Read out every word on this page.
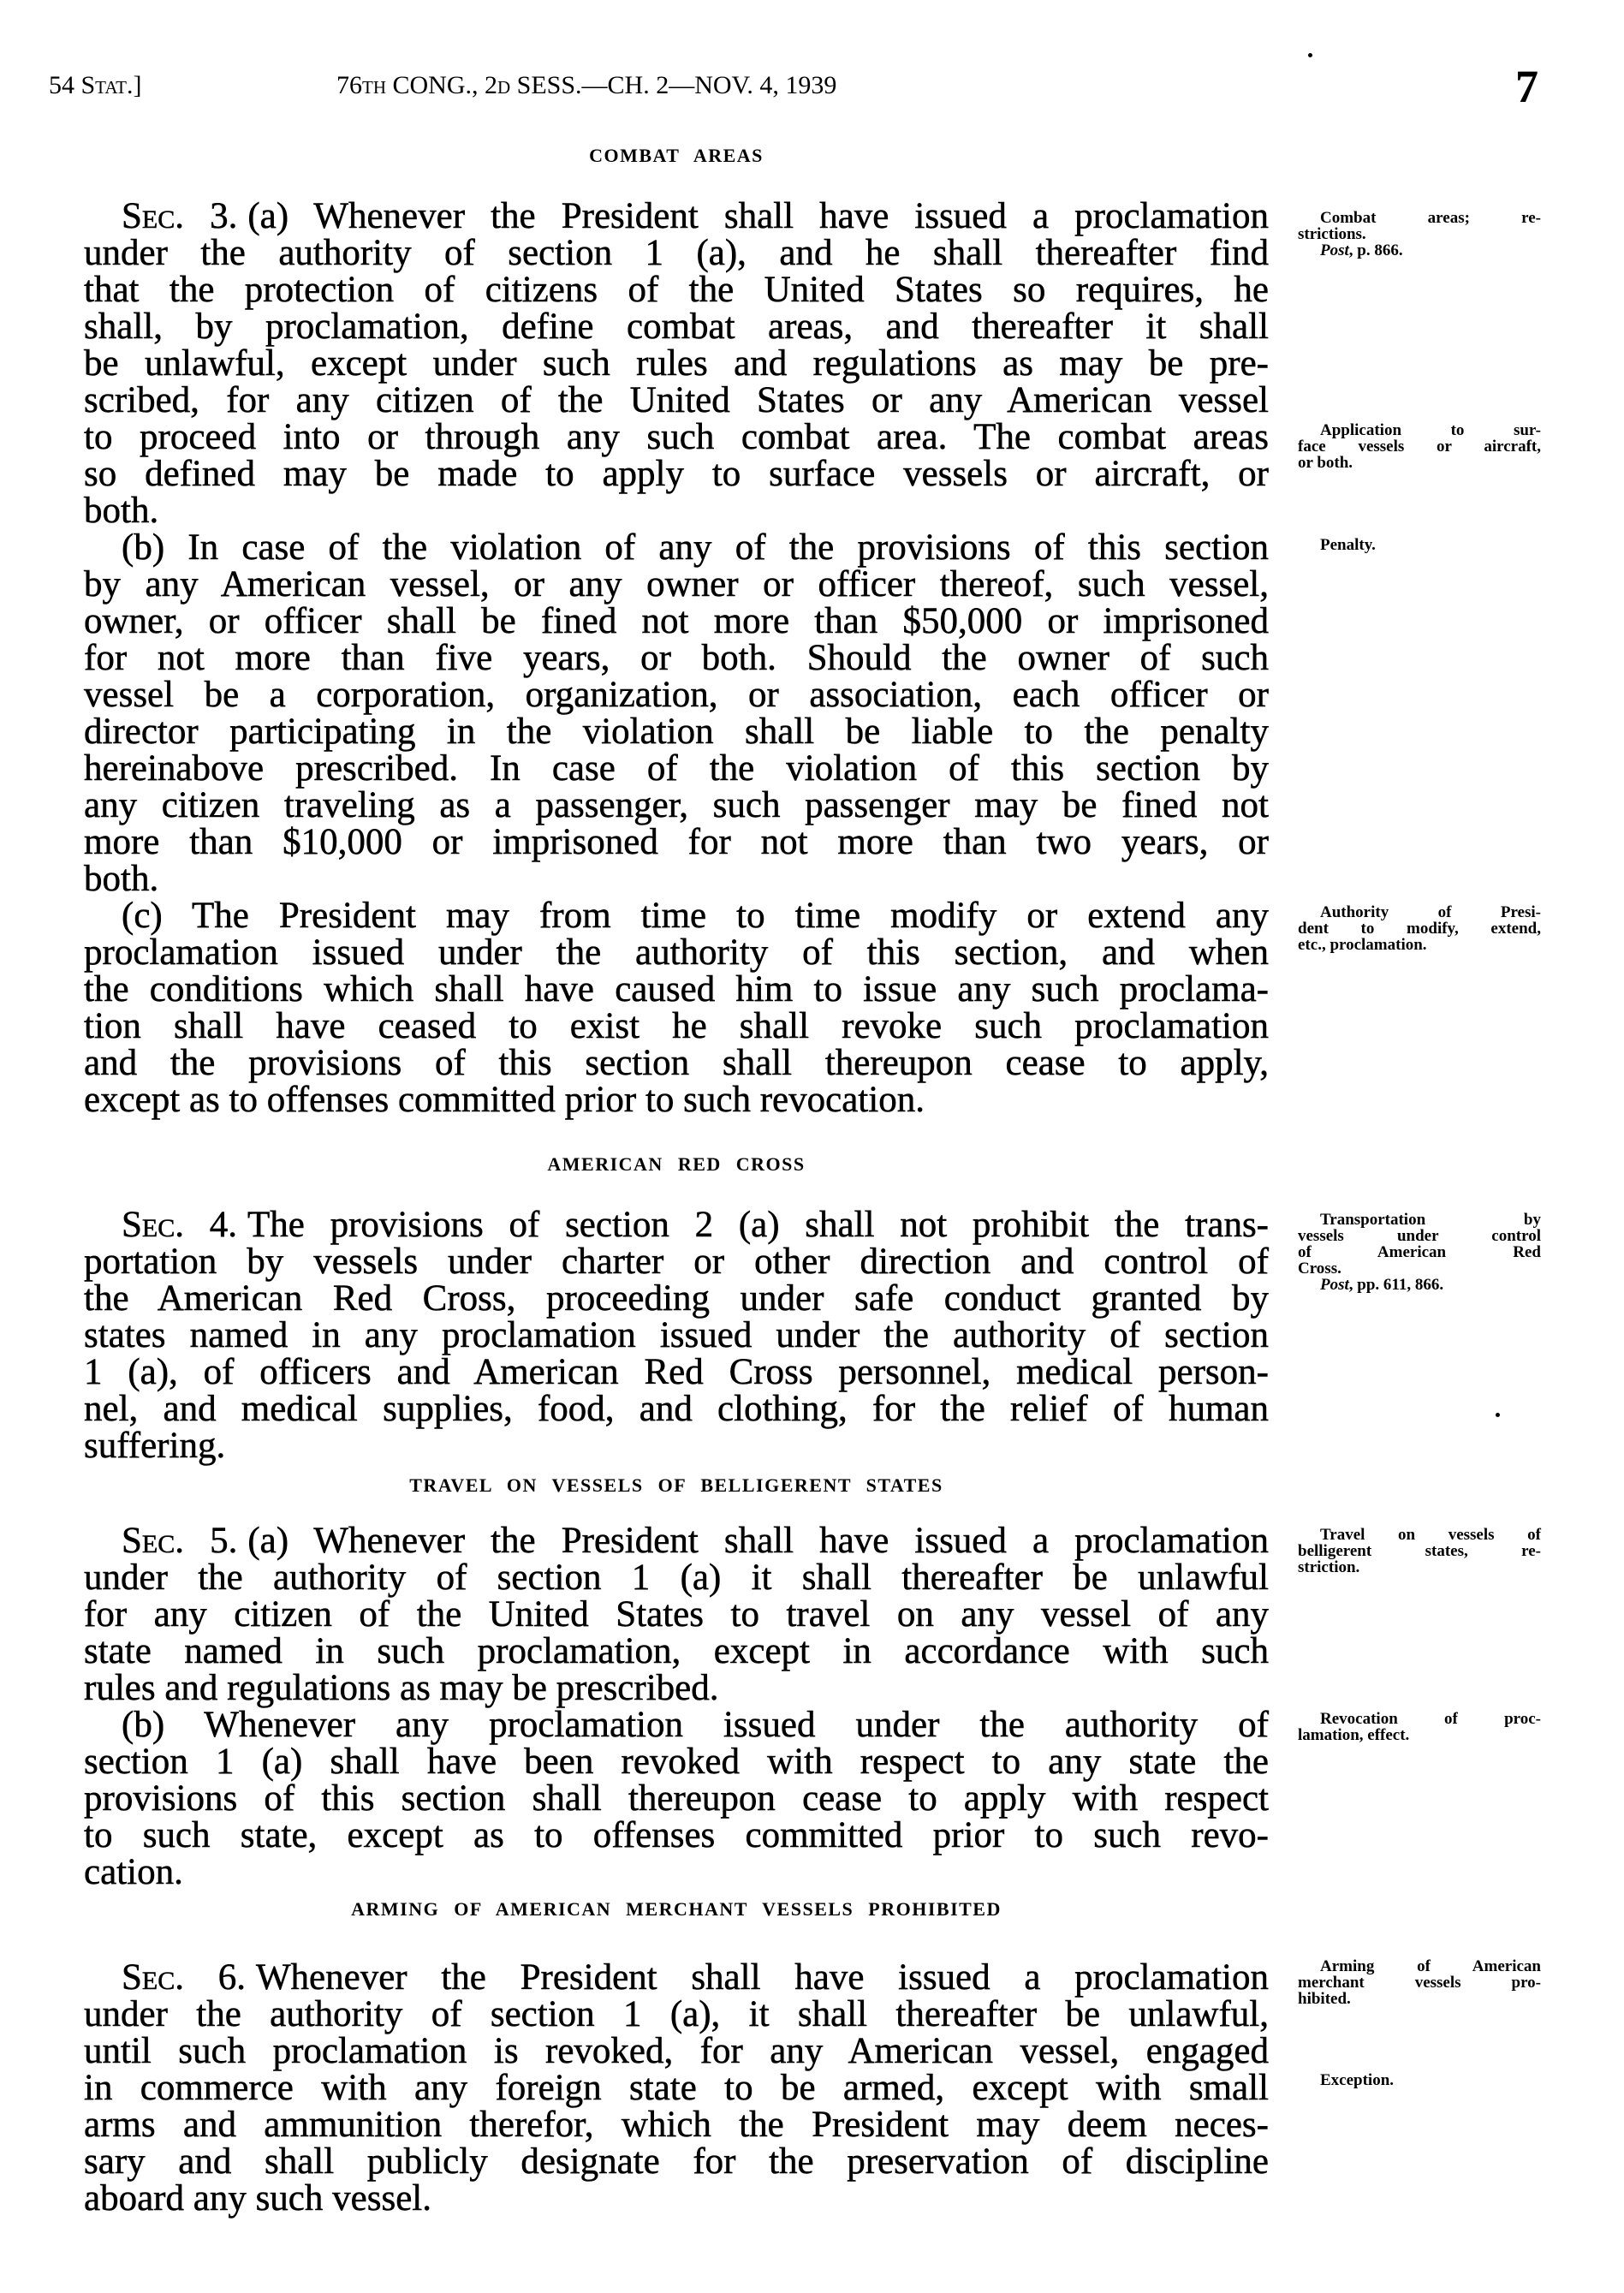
54 Stat.]	76th CONG., 2d SESS.—CH. 2—NOV. 4, 1939	7
COMBAT AREAS
AMERICAN RED CROSS
TRAVEL ON VESSELS OF BELLIGERENT STATES
ARMING OF AMERICAN MERCHANT VESSELS PROHIBITED
Sec. 3. (a) Whenever the President shall have issued a proclamation
under the authority of section 1 (a), and he shall thereafter find
that the protection of citizens of the United States so requires, he
shall, by proclamation, define combat areas, and thereafter it shall
be unlawful, except under such rules and regulations as may be pre-
scribed, for any citizen of the United States or any American vessel
to proceed into or through any such combat area. The combat areas
so defined may be made to apply to surface vessels or aircraft, or
both.
(b) In case of the violation of any of the provisions of this section
by any American vessel, or any owner or officer thereof, such vessel,
owner, or officer shall be fined not more than $50,000 or imprisoned
for not more than five years, or both. Should the owner of such
vessel be a corporation, organization, or association, each officer or
director participating in the violation shall be liable to the penalty
hereinabove prescribed. In case of the violation of this section by
any citizen traveling as a passenger, such passenger may be fined not
more than $10,000 or imprisoned for not more than two years, or
both.
(c) The President may from time to time modify or extend any
proclamation issued under the authority of this section, and when
the conditions which shall have caused him to issue any such proclama-
tion shall have ceased to exist he shall revoke such proclamation
and the provisions of this section shall thereupon cease to apply,
except as to offenses committed prior to such revocation.
Sec. 4. The provisions of section 2 (a) shall not prohibit the trans-
portation by vessels under charter or other direction and control of
the American Red Cross, proceeding under safe conduct granted by
states named in any proclamation issued under the authority of section
1 (a), of officers and American Red Cross personnel, medical person-
nel, and medical supplies, food, and clothing, for the relief of human
suffering.
Sec. 5. (a) Whenever the President shall have issued a proclamation
under the authority of section 1 (a) it shall thereafter be unlawful
for any citizen of the United States to travel on any vessel of any
state named in such proclamation, except in accordance with such
rules and regulations as may be prescribed.
(b) Whenever any proclamation issued under the authority of
section 1 (a) shall have been revoked with respect to any state the
provisions of this section shall thereupon cease to apply with respect
to such state, except as to offenses committed prior to such revo-
cation.
Sec. 6. Whenever the President shall have issued a proclamation
under the authority of section 1 (a), it shall thereafter be unlawful,
until such proclamation is revoked, for any American vessel, engaged
in commerce with any foreign state to be armed, except with small
arms and ammunition therefor, which the President may deem neces-
sary and shall publicly designate for the preservation of discipline
aboard any such vessel.
Combat areas; re-
strictions.
Post, p. 866.
Application to sur-
face vessels or aircraft,
or both.
Penalty.
Authority of Presi-
dent to modify, extend,
etc., proclamation.
Transportation by
vessels under control
of American Red
Cross.
Post, pp. 611, 866.
Travel on vessels of
belligerent states, re-
striction.
Revocation of proc-
lamation, effect.
Arming of American
merchant vessels pro-
hibited.
Exception.
